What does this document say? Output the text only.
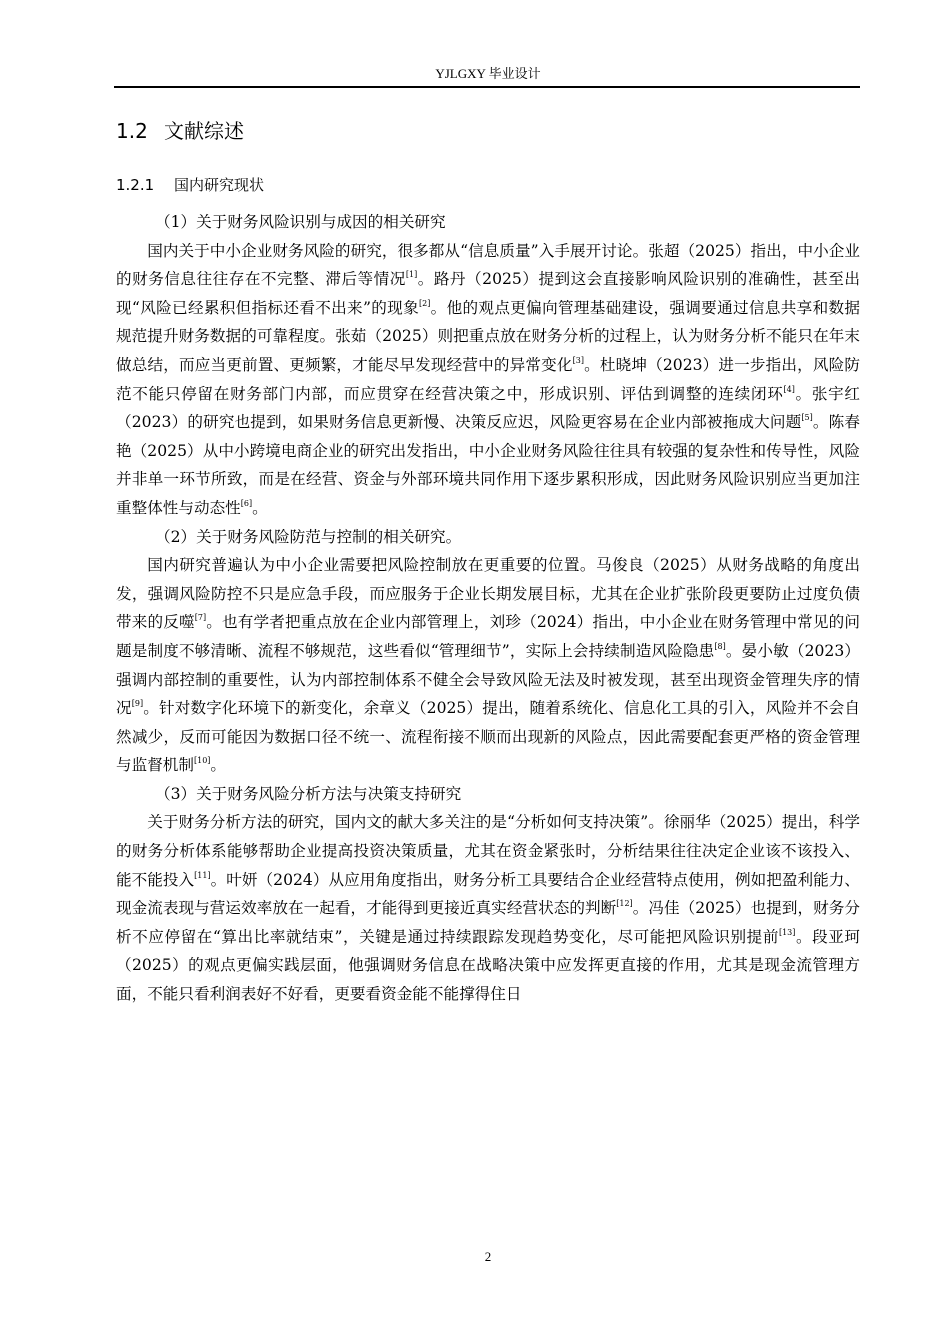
YJLGXY 毕业设计
1.2 文献综述
1.2.1 国内研究现状

（1）关于财务风险识别与成因的相关研究

国内关于中小企业财务风险的研究，很多都从“信息质量”入手展开讨论。张超（2025）指出，中小企业的财务信息往往存在不完整、滞后等情况[1]。路丹（2025）提到这会直接影响风险识别的准确性，甚至出现“风险已经累积但指标还看不出来”的现象[2]。他的观点更偏向管理基础建设，强调要通过信息共享和数据规范提升财务数据的可靠程度。张茹（2025）则把重点放在财务分析的过程上，认为财务分析不能只在年末做总结，而应当更前置、更频繁，才能尽早发现经营中的异常变化[3]。杜晓坤（2023）进一步指出，风险防范不能只停留在财务部门内部，而应贯穿在经营决策之中，形成识别、评估到调整的连续闭环[4]。张宇红（2023）的研究也提到，如果财务信息更新慢、决策反应迟，风险更容易在企业内部被拖成大问题[5]。陈春艳（2025）从中小跨境电商企业的研究出发指出，中小企业财务风险往往具有较强的复杂性和传导性，风险并非单一环节所致，而是在经营、资金与外部环境共同作用下逐步累积形成，因此财务风险识别应当更加注重整体性与动态性[6]。

（2）关于财务风险防范与控制的相关研究。

国内研究普遍认为中小企业需要把风险控制放在更重要的位置。马俊良（2025）从财务战略的角度出发，强调风险防控不只是应急手段，而应服务于企业长期发展目标，尤其在企业扩张阶段更要防止过度负债带来的反噬[7]。也有学者把重点放在企业内部管理上，刘珍（2024）指出，中小企业在财务管理中常见的问题是制度不够清晰、流程不够规范，这些看似“管理细节”，实际上会持续制造风险隐患[8]。晏小敏（2023）强调内部控制的重要性，认为内部控制体系不健全会导致风险无法及时被发现，甚至出现资金管理失序的情况[9]。针对数字化环境下的新变化，余章义（2025）提出，随着系统化、信息化工具的引入，风险并不会自然减少，反而可能因为数据口径不统一、流程衔接不顺而出现新的风险点，因此需要配套更严格的资金管理与监督机制[10]。

（3）关于财务风险分析方法与决策支持研究

关于财务分析方法的研究，国内文的献大多关注的是“分析如何支持决策”。徐丽华（2025）提出，科学的财务分析体系能够帮助企业提高投资决策质量，尤其在资金紧张时，分析结果往往决定企业该不该投入、能不能投入[11]。叶妍（2024）从应用角度指出，财务分析工具要结合企业经营特点使用，例如把盈利能力、现金流表现与营运效率放在一起看，才能得到更接近真实经营状态的判断[12]。冯佳（2025）也提到，财务分析不应停留在“算出比率就结束”，关键是通过持续跟踪发现趋势变化，尽可能把风险识别提前[13]。段亚珂（2025）的观点更偏实践层面，他强调财务信息在战略决策中应发挥更直接的作用，尤其是现金流管理方面，不能只看利润表好不好看，更要看资金能不能撑得住日

2
